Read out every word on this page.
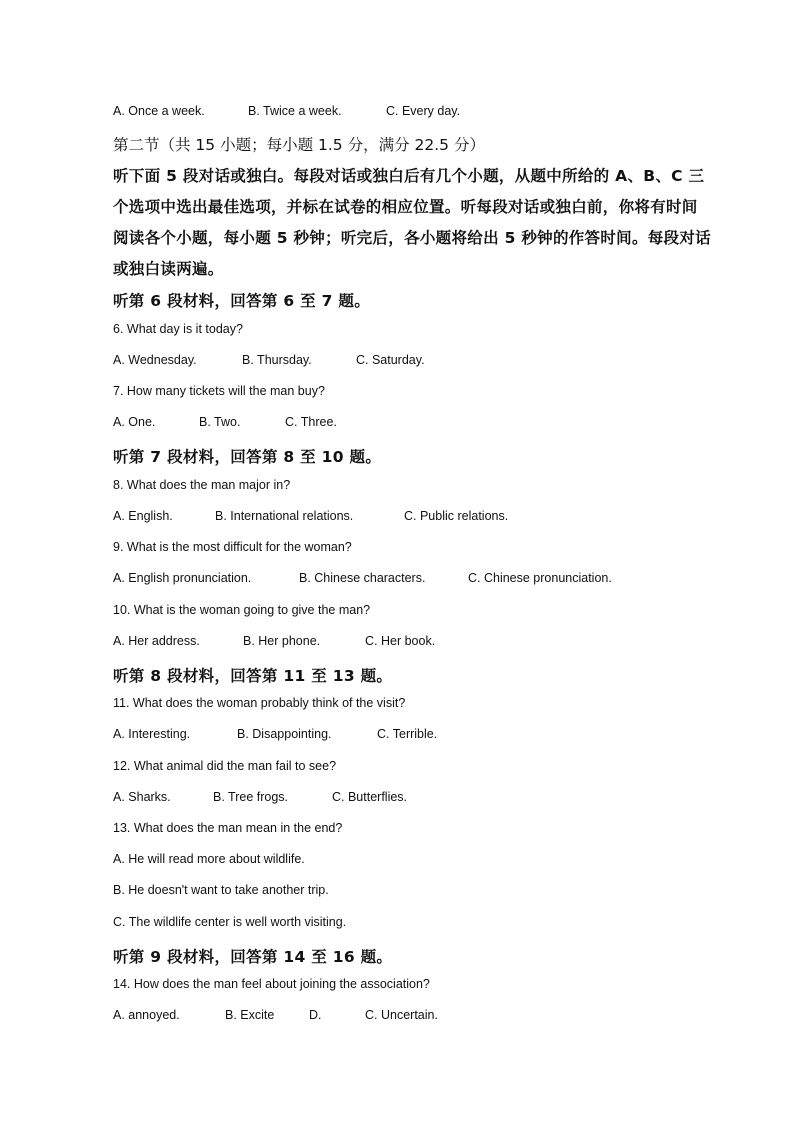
A. Once a week.	B. Twice a week.	C. Every day.
第二节（共 15 小题；每小题 1.5 分，满分 22.5 分）
听下面 5 段对话或独白。每段对话或独白后有几个小题，从题中所给的 A、B、C 三
个选项中选出最佳选项，并标在试卷的相应位置。听每段对话或独白前，你将有时间
阅读各个小题，每小题 5 秒钟；听完后，各小题将给出 5 秒钟的作答时间。每段对话
或独白读两遍。
听第 6 段材料，回答第 6 至 7 题。
6. What day is it today?
A. Wednesday.	B. Thursday.	C. Saturday.
7. How many tickets will the man buy?
A. One.	B. Two.	C. Three.
听第 7 段材料，回答第 8 至 10 题。
8. What does the man major in?
A. English.	B. International relations.	C. Public relations.
9. What is the most difficult for the woman?
A. English pronunciation.	B. Chinese characters.	C. Chinese pronunciation.
10. What is the woman going to give the man?
A. Her address.	B. Her phone.	C. Her book.
听第 8 段材料，回答第 11 至 13 题。
11. What does the woman probably think of the visit?
A. Interesting.	B. Disappointing.	C. Terrible.
12. What animal did the man fail to see?
A. Sharks.	B. Tree frogs.	C. Butterflies.
13. What does the man mean in the end?
A. He will read more about wildlife.
B. He doesn't want to take another trip.
C. The wildlife center is well worth visiting.
听第 9 段材料，回答第 14 至 16 题。
14. How does the man feel about joining the association?
A. annoyed.	B. Excite	D.	C. Uncertain.
